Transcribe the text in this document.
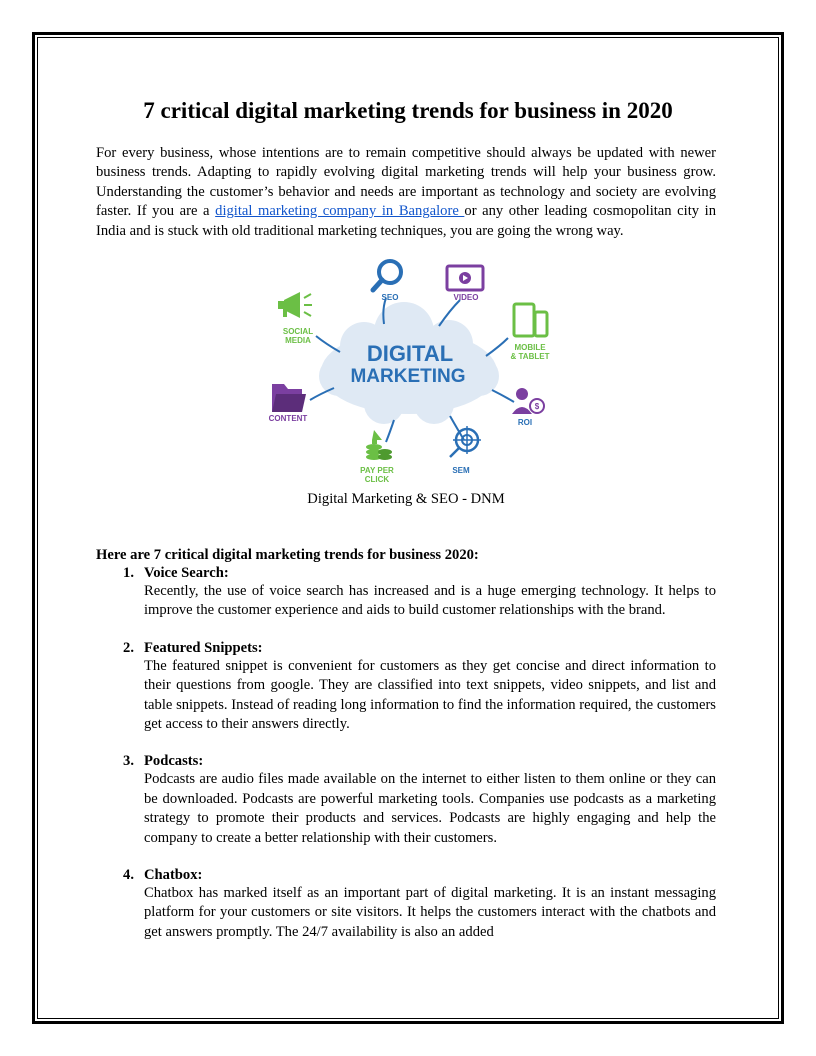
7 critical digital marketing trends for business in 2020

For every business, whose intentions are to remain competitive should always be updated with newer business trends. Adapting to rapidly evolving digital marketing trends will help your business grow. Understanding the customer’s behavior and needs are important as technology and society are evolving faster. If you are a digital marketing company in Bangalore or any other leading cosmopolitan city in India and is stuck with old traditional marketing techniques, you are going the wrong way.

DIGITAL
MARKETING
SEO	VIDEO
MOBILE
& TABLET
$
ROI
SEM
PAY PER
CLICK
CONTENT
SOCIAL
MEDIA
Digital Marketing & SEO - DNM
Here are 7 critical digital marketing trends for business 2020:
1. Voice Search:
Recently, the use of voice search has increased and is a huge emerging technology. It helps to improve the customer experience and aids to build customer relationships with the brand.
2. Featured Snippets:
The featured snippet is convenient for customers as they get concise and direct information to their questions from google. They are classified into text snippets, video snippets, and list and table snippets. Instead of reading long information to find the information required, the customers get access to their answers directly.
3. Podcasts:
Podcasts are audio files made available on the internet to either listen to them online or they can be downloaded. Podcasts are powerful marketing tools. Companies use podcasts as a marketing strategy to promote their products and services. Podcasts are highly engaging and help the company to create a better relationship with their customers.
4. Chatbox:
Chatbox has marked itself as an important part of digital marketing. It is an instant messaging platform for your customers or site visitors. It helps the customers interact with the chatbots and get answers promptly. The 24/7 availability is also an added
